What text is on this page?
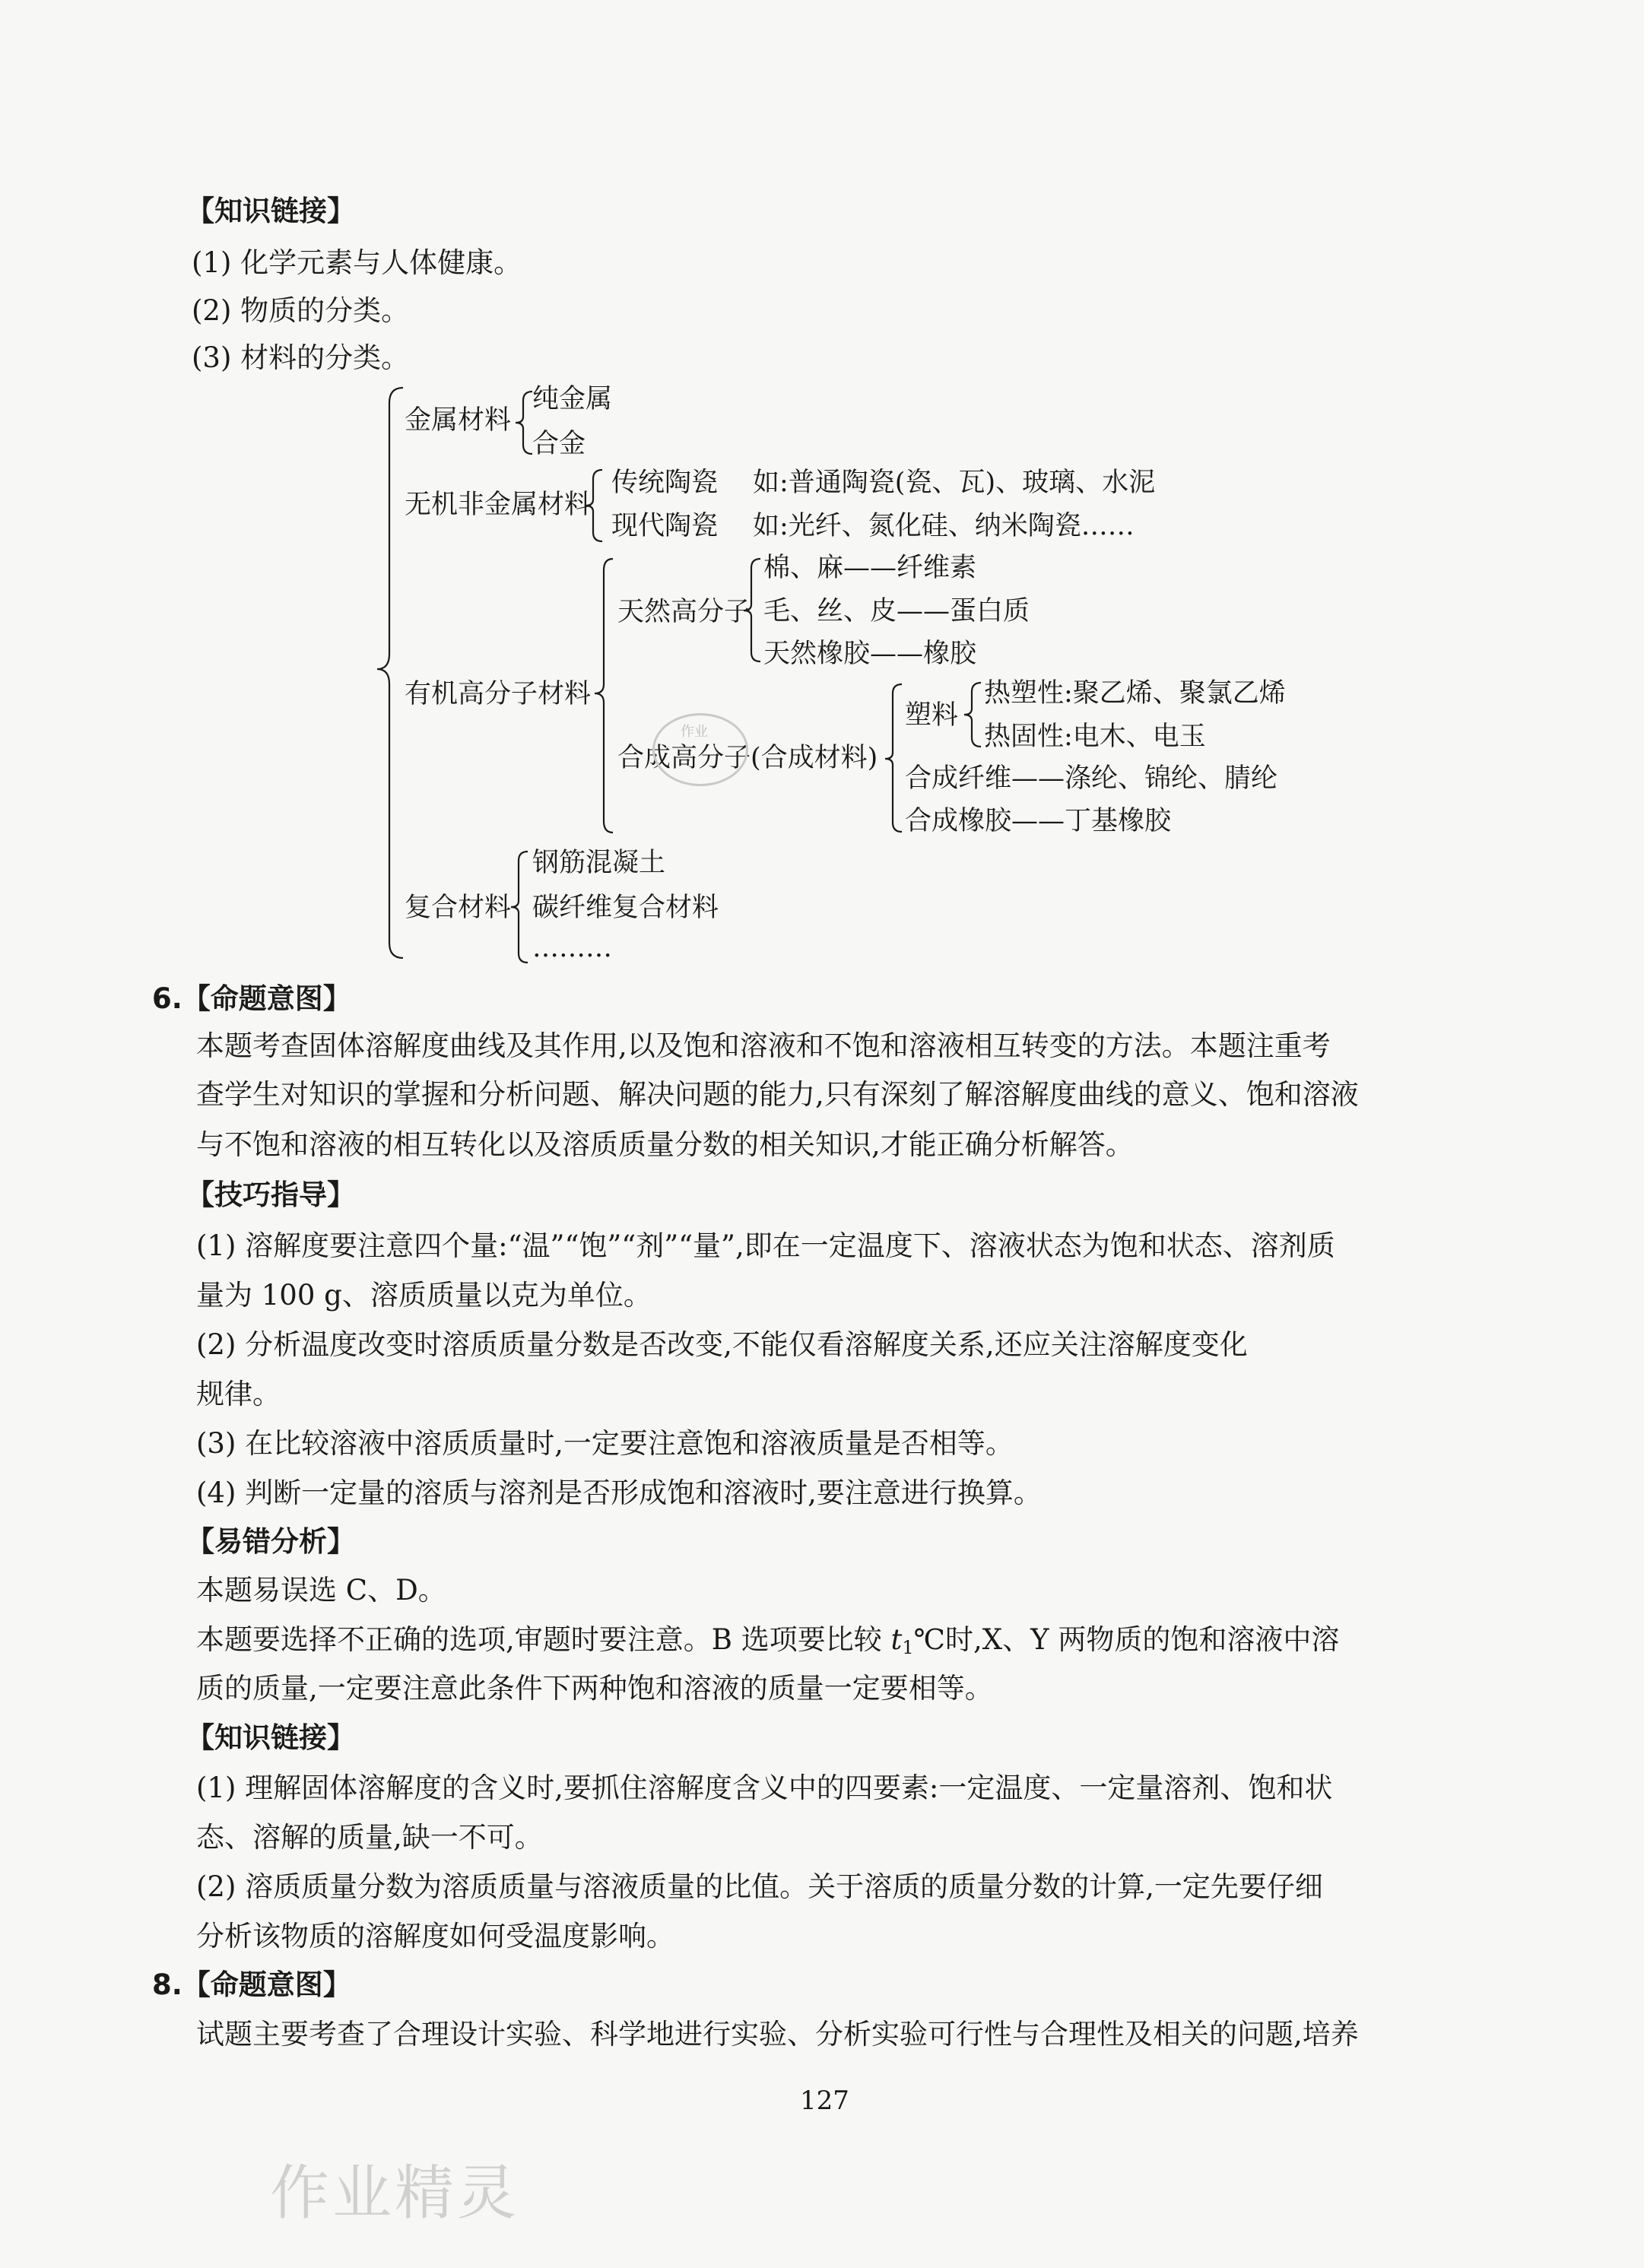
【知识链接】
(1) 化学元素与人体健康。
(2) 物质的分类。
(3) 材料的分类。
金属材料
纯金属
合金
无机非金属材料
传统陶瓷 如:普通陶瓷(瓷、瓦)、玻璃、水泥
现代陶瓷 如:光纤、氮化硅、纳米陶瓷……
有机高分子材料
天然高分子
棉、麻——纤维素
毛、丝、皮——蛋白质
天然橡胶——橡胶
合成高分子(合成材料)
塑料
热塑性:聚乙烯、聚氯乙烯
热固性:电木、电玉
合成纤维——涤纶、锦纶、腈纶
合成橡胶——丁基橡胶
复合材料
钢筋混凝土
碳纤维复合材料
………
作业
6.【命题意图】
本题考查固体溶解度曲线及其作用,以及饱和溶液和不饱和溶液相互转变的方法。本题注重考
查学生对知识的掌握和分析问题、解决问题的能力,只有深刻了解溶解度曲线的意义、饱和溶液
与不饱和溶液的相互转化以及溶质质量分数的相关知识,才能正确分析解答。
【技巧指导】
(1) 溶解度要注意四个量:“温”“饱”“剂”“量”,即在一定温度下、溶液状态为饱和状态、溶剂质
量为 100 g、溶质质量以克为单位。
(2) 分析温度改变时溶质质量分数是否改变,不能仅看溶解度关系,还应关注溶解度变化
规律。
(3) 在比较溶液中溶质质量时,一定要注意饱和溶液质量是否相等。
(4) 判断一定量的溶质与溶剂是否形成饱和溶液时,要注意进行换算。
【易错分析】
本题易误选 C、D。
本题要选择不正确的选项,审题时要注意。B 选项要比较 $t_1℃$时,X、Y 两物质的饱和溶液中溶
质的质量,一定要注意此条件下两种饱和溶液的质量一定要相等。
【知识链接】
(1) 理解固体溶解度的含义时,要抓住溶解度含义中的四要素:一定温度、一定量溶剂、饱和状
态、溶解的质量,缺一不可。
(2) 溶质质量分数为溶质质量与溶液质量的比值。关于溶质的质量分数的计算,一定先要仔细
分析该物质的溶解度如何受温度影响。
8.【命题意图】
试题主要考查了合理设计实验、科学地进行实验、分析实验可行性与合理性及相关的问题,培养
127
作业精灵
